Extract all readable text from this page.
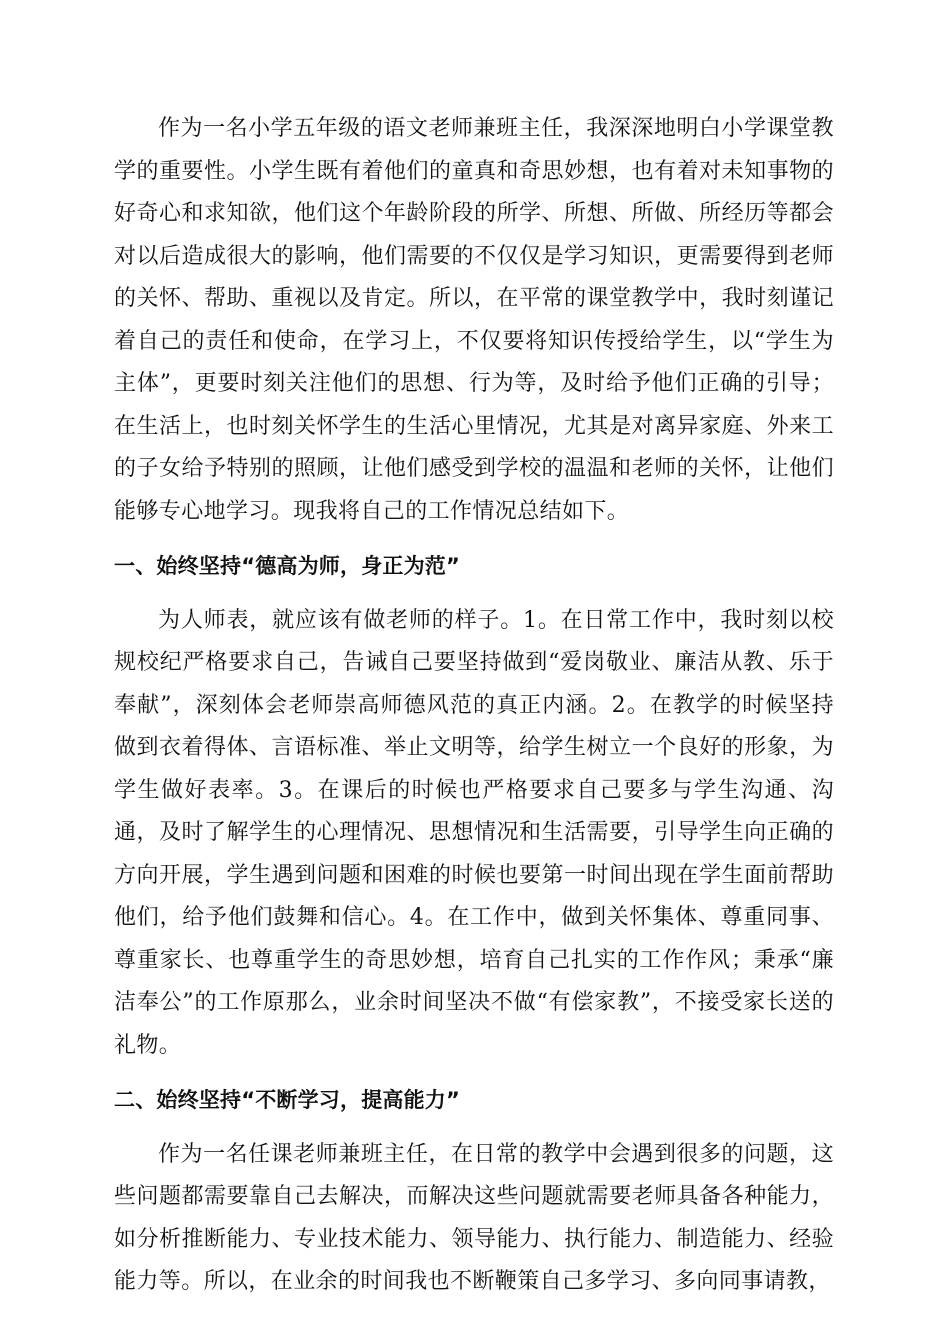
作为一名小学五年级的语文老师兼班主任，我深深地明白小学课堂教学的重要性。小学生既有着他们的童真和奇思妙想，也有着对未知事物的好奇心和求知欲，他们这个年龄阶段的所学、所想、所做、所经历等都会对以后造成很大的影响，他们需要的不仅仅是学习知识，更需要得到老师的关怀、帮助、重视以及肯定。所以，在平常的课堂教学中，我时刻谨记着自己的责任和使命，在学习上，不仅要将知识传授给学生，以“学生为主体”，更要时刻关注他们的思想、行为等，及时给予他们正确的引导；在生活上，也时刻关怀学生的生活心里情况，尤其是对离异家庭、外来工的子女给予特别的照顾，让他们感受到学校的温温和老师的关怀，让他们能够专心地学习。现我将自己的工作情况总结如下。

一、始终坚持“德高为师，身正为范”

为人师表，就应该有做老师的样子。1。在日常工作中，我时刻以校规校纪严格要求自己，告诫自己要坚持做到“爱岗敬业、廉洁从教、乐于奉献”，深刻体会老师崇高师德风范的真正内涵。2。在教学的时候坚持做到衣着得体、言语标准、举止文明等，给学生树立一个良好的形象，为学生做好表率。3。在课后的时候也严格要求自己要多与学生沟通、沟通，及时了解学生的心理情况、思想情况和生活需要，引导学生向正确的方向开展，学生遇到问题和困难的时候也要第一时间出现在学生面前帮助他们，给予他们鼓舞和信心。4。在工作中，做到关怀集体、尊重同事、尊重家长、也尊重学生的奇思妙想，培育自己扎实的工作作风；秉承“廉洁奉公”的工作原那么，业余时间坚决不做“有偿家教”，不接受家长送的礼物。

二、始终坚持“不断学习，提高能力”

作为一名任课老师兼班主任，在日常的教学中会遇到很多的问题，这些问题都需要靠自己去解决，而解决这些问题就需要老师具备各种能力，如分析推断能力、专业技术能力、领导能力、执行能力、制造能力、经验能力等。所以，在业余的时间我也不断鞭策自己多学习、多向同事请教，
